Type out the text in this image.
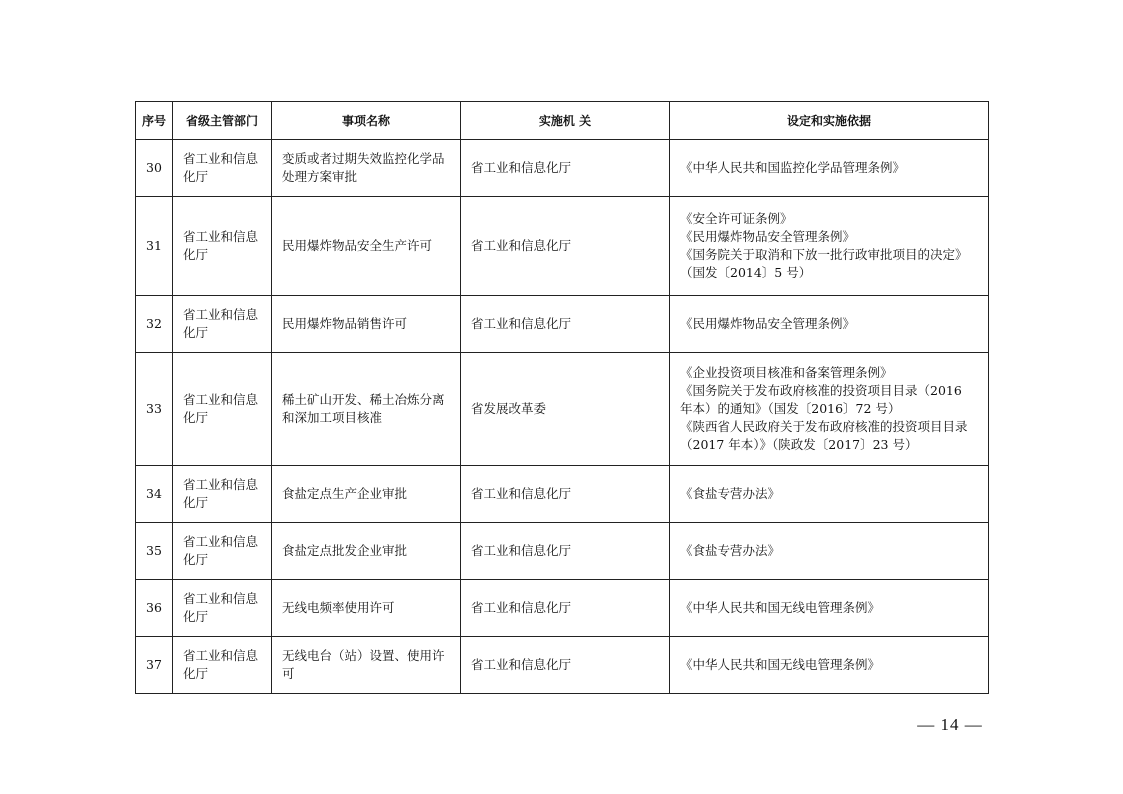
序号	省级主管部门	事项名称	实施机 关	设定和实施依据
30	省工业和信息化厅	变质或者过期失效监控化学品处理方案审批	省工业和信息化厅	《中华人民共和国监控化学品管理条例》

31	省工业和信息化厅	民用爆炸物品安全生产许可	省工业和信息化厅	《安全许可证条例》
《民用爆炸物品安全管理条例》
《国务院关于取消和下放一批行政审批项目的决定》（国发〔2014〕5 号）

32	省工业和信息化厅	民用爆炸物品销售许可	省工业和信息化厅	《民用爆炸物品安全管理条例》

33	省工业和信息化厅	稀土矿山开发、稀土冶炼分离和深加工项目核准	省发展改革委	《企业投资项目核准和备案管理条例》
《国务院关于发布政府核准的投资项目目录（2016 年本）的通知》（国发〔2016〕72 号）
《陕西省人民政府关于发布政府核准的投资项目目录（2017 年本）》（陕政发〔2017〕23 号）

34	省工业和信息化厅	食盐定点生产企业审批	省工业和信息化厅	《食盐专营办法》

35	省工业和信息化厅	食盐定点批发企业审批	省工业和信息化厅	《食盐专营办法》

36	省工业和信息化厅	无线电频率使用许可	省工业和信息化厅	《中华人民共和国无线电管理条例》

37	省工业和信息化厅	无线电台（站）设置、使用许可	省工业和信息化厅	《中华人民共和国无线电管理条例》
— 14 —
